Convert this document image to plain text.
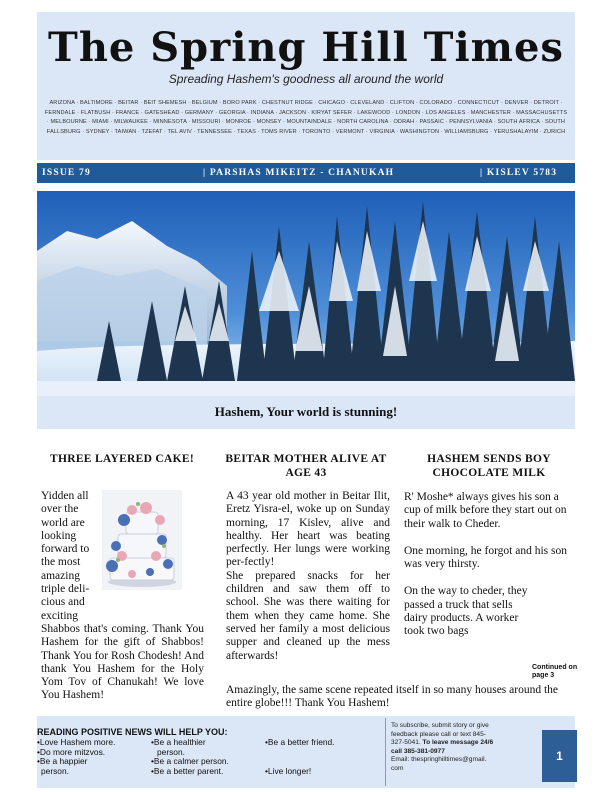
The Spring Hill Times
Spreading Hashem's goodness all around the world
ARIZONA · BALTIMORE · BEITAR · BEIT SHEMESH · BELGIUM · BORO PARK · CHESTNUT RIDGE · CHICAGO · CLEVELAND · CLIFTON · COLORADO · CONNECTICUT · DENVER · DETROIT ·
FERNDALE · FLATBUSH · FRANCE · GATESHEAD · GERMANY · GEORGIA · INDIANA · JACKSON · KIRYAT SEFER · LAKEWOOD · LONDON · LOS ANGELES · MANCHESTER · MASSACHUSETTS
· MELBOURNE · MIAMI · MILWAUKEE · MINNESOTA · MISSOURI · MONROE · MONSEY · MOUNTAINDALE · NORTH CAROLINA · ODRAH · PASSAIC · PENNSYLVANIA · SOUTH AFRICA · SOUTH
FALLSBURG · SYDNEY · TAIWAN · TZEFAT · TEL AVIV · TENNESSEE · TEXAS · TOMS RIVER · TORONTO · VERMONT · VIRGINIA · WASHINGTON · WILLIAMSBURG · YERUSHALAYIM · ZURICH
ISSUE 79	| PARSHAS MIKEITZ - CHANUKAH	| KISLEV 5783
Hashem, Your world is stunning!
THREE LAYERED CAKE!
Yidden all
over the
world are
looking
forward to
the most
amazing
triple deli-
cious and
exciting
Shabbos that's coming. Thank You Hashem for the gift of Shabbos! Thank You for Rosh Chodesh! And thank You Hashem for the Holy Yom Tov of Chanukah! We love You Hashem!
BEITAR MOTHER ALIVE AT AGE 43

A 43 year old mother in Beitar Ilit, Eretz Yisra-el, woke up on Sunday morning, 17 Kislev, alive and healthy. Her heart was beating perfectly. Her lungs were working per-fectly!

She prepared snacks for her children and saw them off to school. She was there waiting for them when they came home. She served her family a most delicious supper and cleaned up the mess afterwards!

Amazingly, the same scene repeated itself in so many houses around the entire globe!!! Thank You Hashem!
HASHEM SENDS BOY CHOCOLATE MILK

R' Moshe* always gives his son a cup of milk before they start out on their walk to Cheder.

One morning, he forgot and his son was very thirsty.

On the way to cheder, they passed a truck that sells dairy products. A worker took two bags

Continued on page 3
READING POSITIVE NEWS WILL HELP YOU:
•Love Hashem more.
•Do more mitzvos.
•Be a happier
person.
•Be a healthier
person.
•Be a calmer person.
•Be a better parent.
•Be a better friend.
•Live longer!
To subscribe, submit story or give
feedback please call or text 845-
327-5041. To leave message 24/6
call 385-381-0977
Email: thespringhilltimes@gmail.
com
1
